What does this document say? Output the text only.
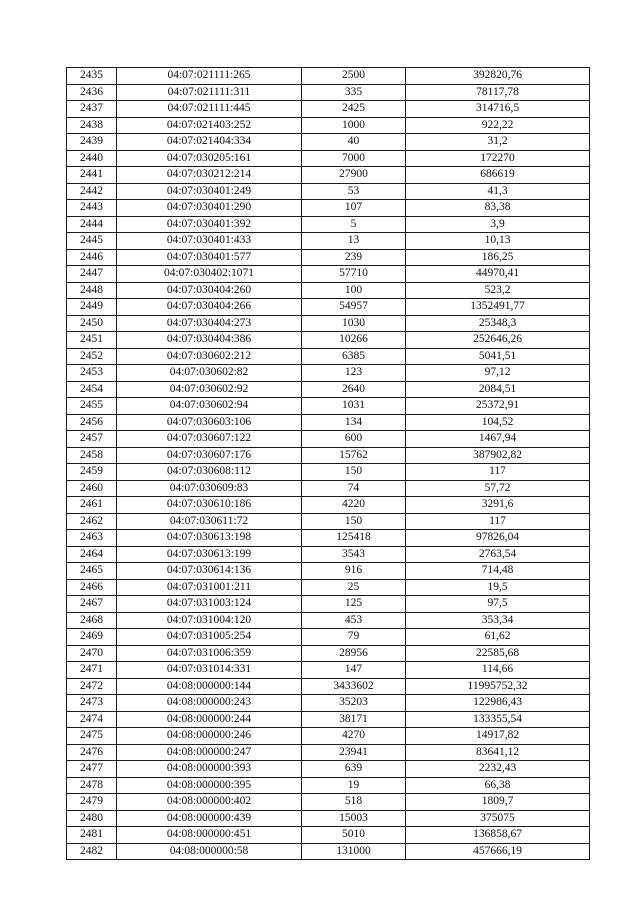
2435	04:07:021111:265	2500	392820,76
2436	04:07:021111:311	335	78117,78
2437	04:07:021111:445	2425	314716,5
2438	04:07:021403:252	1000	922,22
2439	04:07:021404:334	40	31,2
2440	04:07:030205:161	7000	172270
2441	04:07:030212:214	27900	686619
2442	04:07:030401:249	53	41,3
2443	04:07:030401:290	107	83,38
2444	04:07:030401:392	5	3,9
2445	04:07:030401:433	13	10,13
2446	04:07:030401:577	239	186,25
2447	04:07:030402:1071	57710	44970,41
2448	04:07:030404:260	100	523,2
2449	04:07:030404:266	54957	1352491,77
2450	04:07:030404:273	1030	25348,3
2451	04:07:030404:386	10266	252646,26
2452	04:07:030602:212	6385	5041,51
2453	04:07:030602:82	123	97,12
2454	04:07:030602:92	2640	2084,51
2455	04:07:030602:94	1031	25372,91
2456	04:07:030603:106	134	104,52
2457	04:07:030607:122	600	1467,94
2458	04:07:030607:176	15762	387902,82
2459	04:07:030608:112	150	117
2460	04:07:030609:83	74	57,72
2461	04:07:030610:186	4220	3291,6
2462	04:07:030611:72	150	117
2463	04:07:030613:198	125418	97826,04
2464	04:07:030613:199	3543	2763,54
2465	04:07:030614:136	916	714,48
2466	04:07:031001:211	25	19,5
2467	04:07:031003:124	125	97,5
2468	04:07:031004:120	453	353,34
2469	04:07:031005:254	79	61,62
2470	04:07:031006:359	28956	22585,68
2471	04:07:031014:331	147	114,66
2472	04:08:000000:144	3433602	11995752,32
2473	04:08:000000:243	35203	122986,43
2474	04:08:000000:244	38171	133355,54
2475	04:08:000000:246	4270	14917,82
2476	04:08:000000:247	23941	83641,12
2477	04:08:000000:393	639	2232,43
2478	04:08:000000:395	19	66,38
2479	04:08:000000:402	518	1809,7
2480	04:08:000000:439	15003	375075
2481	04:08:000000:451	5010	136858,67
2482	04:08:000000:58	131000	457666,19
